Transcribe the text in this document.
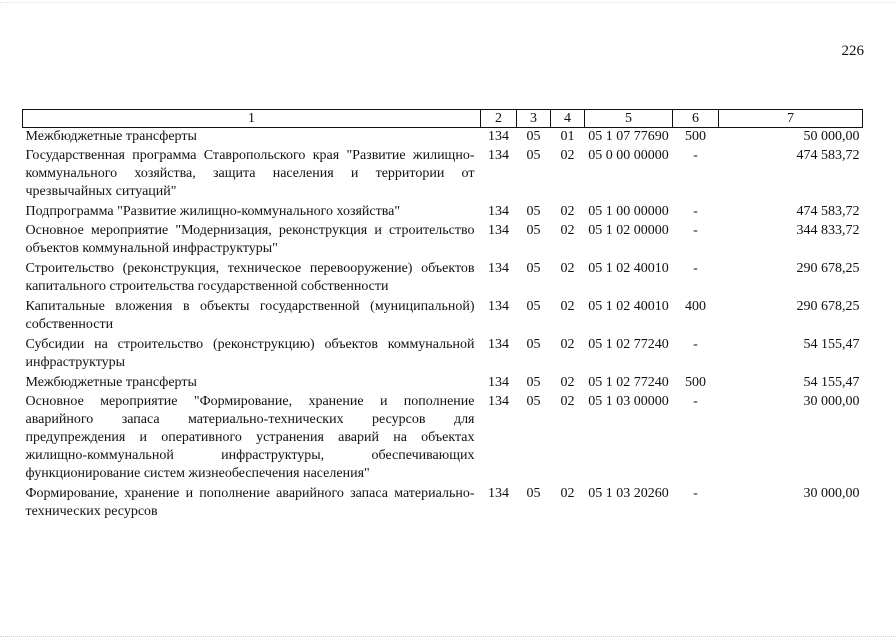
226
1	2	3	4	5	6	7
Межбюджетные трансферты	134	05	01	05 1 07 77690	500	50 000,00
Государственная программа Ставропольского края "Развитие жилищно-коммунального хозяйства, защита населения и территории от чрезвычайных ситуаций"	134	05	02	05 0 00 00000	-	474 583,72
Подпрограмма "Развитие жилищно-коммунального хозяйства"	134	05	02	05 1 00 00000	-	474 583,72
Основное мероприятие "Модернизация, реконструкция и строительство объектов коммунальной инфраструктуры"	134	05	02	05 1 02 00000	-	344 833,72
Строительство (реконструкция, техническое перевооружение) объектов капитального строительства государственной собственности	134	05	02	05 1 02 40010	-	290 678,25
Капитальные вложения в объекты государственной (муниципальной) собственности	134	05	02	05 1 02 40010	400	290 678,25
Субсидии на строительство (реконструкцию) объектов коммунальной инфраструктуры	134	05	02	05 1 02 77240	-	54 155,47
Межбюджетные трансферты	134	05	02	05 1 02 77240	500	54 155,47
Основное мероприятие "Формирование, хранение и пополнение аварийного запаса материально-технических ресурсов для предупреждения и оперативного устранения аварий на объектах жилищно-коммунальной инфраструктуры, обеспечивающих функционирование систем жизнеобеспечения населения"	134	05	02	05 1 03 00000	-	30 000,00
Формирование, хранение и пополнение аварийного запаса материально-технических ресурсов	134	05	02	05 1 03 20260	-	30 000,00
